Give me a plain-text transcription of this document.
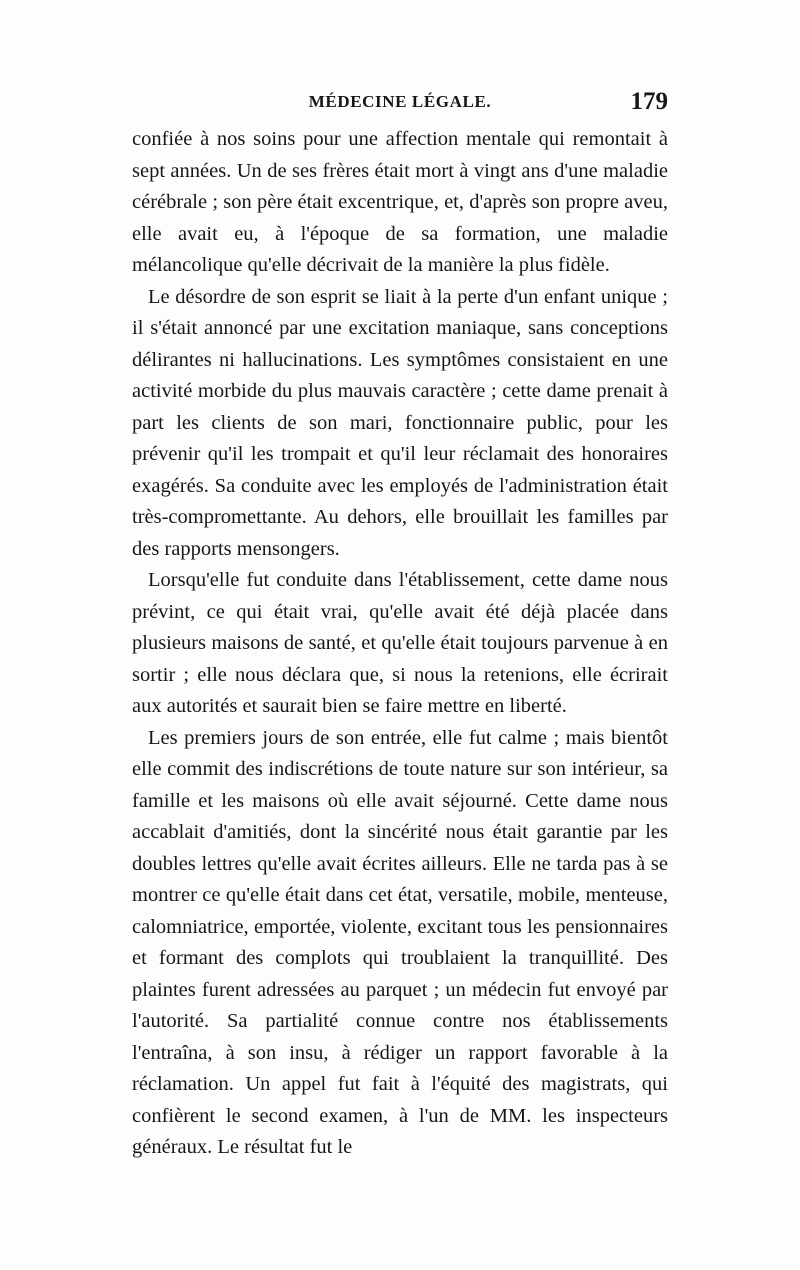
MÉDECINE LÉGALE.	179

confiée à nos soins pour une affection mentale qui remontait à sept années. Un de ses frères était mort à vingt ans d'une maladie cérébrale ; son père était excentrique, et, d'après son propre aveu, elle avait eu, à l'époque de sa formation, une maladie mélancolique qu'elle décrivait de la manière la plus fidèle.

Le désordre de son esprit se liait à la perte d'un enfant unique ; il s'était annoncé par une excitation maniaque, sans conceptions délirantes ni hallucinations. Les symptômes consistaient en une activité morbide du plus mauvais caractère ; cette dame prenait à part les clients de son mari, fonctionnaire public, pour les prévenir qu'il les trompait et qu'il leur réclamait des honoraires exagérés. Sa conduite avec les employés de l'administration était très-compromettante. Au dehors, elle brouillait les familles par des rapports mensongers.

Lorsqu'elle fut conduite dans l'établissement, cette dame nous prévint, ce qui était vrai, qu'elle avait été déjà placée dans plusieurs maisons de santé, et qu'elle était toujours parvenue à en sortir ; elle nous déclara que, si nous la retenions, elle écrirait aux autorités et saurait bien se faire mettre en liberté.

Les premiers jours de son entrée, elle fut calme ; mais bientôt elle commit des indiscrétions de toute nature sur son intérieur, sa famille et les maisons où elle avait séjourné. Cette dame nous accablait d'amitiés, dont la sincérité nous était garantie par les doubles lettres qu'elle avait écrites ailleurs. Elle ne tarda pas à se montrer ce qu'elle était dans cet état, versatile, mobile, menteuse, calomniatrice, emportée, violente, excitant tous les pensionnaires et formant des complots qui troublaient la tranquillité. Des plaintes furent adressées au parquet ; un médecin fut envoyé par l'autorité. Sa partialité connue contre nos établissements l'entraîna, à son insu, à rédiger un rapport favorable à la réclamation. Un appel fut fait à l'équité des magistrats, qui confièrent le second examen, à l'un de MM. les inspecteurs généraux. Le résultat fut le
